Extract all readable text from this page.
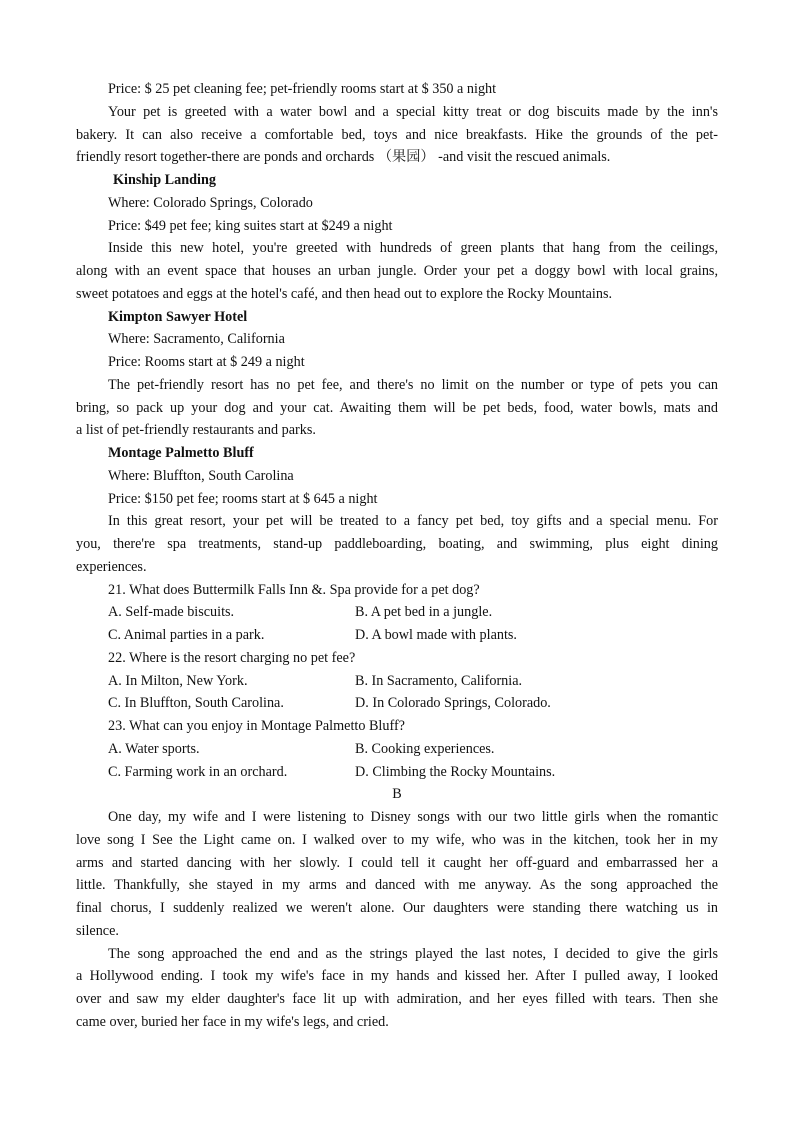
Price: $ 25 pet cleaning fee; pet-friendly rooms start at $ 350 a night
Your pet is greeted with a water bowl and a special kitty treat or dog biscuits made by the inn's
bakery. It can also receive a comfortable bed, toys and nice breakfasts. Hike the grounds of the pet-
friendly resort together-there are ponds and orchards （果园） -and visit the rescued animals.
Kinship Landing
Where: Colorado Springs, Colorado
Price: $49 pet fee; king suites start at $249 a night
Inside this new hotel, you're greeted with hundreds of green plants that hang from the ceilings,
along with an event space that houses an urban jungle. Order your pet a doggy bowl with local grains,
sweet potatoes and eggs at the hotel's café, and then head out to explore the Rocky Mountains.
Kimpton Sawyer Hotel
Where: Sacramento, California
Price: Rooms start at $ 249 a night
The pet-friendly resort has no pet fee, and there's no limit on the number or type of pets you can
bring, so pack up your dog and your cat. Awaiting them will be pet beds, food, water bowls, mats and
a list of pet-friendly restaurants and parks.
Montage Palmetto Bluff
Where: Bluffton, South Carolina
Price: $150 pet fee; rooms start at $ 645 a night
In this great resort, your pet will be treated to a fancy pet bed, toy gifts and a special menu. For
you, there're spa treatments, stand-up paddleboarding, boating, and swimming, plus eight dining
experiences.
21. What does Buttermilk Falls Inn &. Spa provide for a pet dog?
A. Self-made biscuits.	B. A pet bed in a jungle.
C. Animal parties in a park.	D. A bowl made with plants.
22. Where is the resort charging no pet fee?
A. In Milton, New York.	B. In Sacramento, California.
C. In Bluffton, South Carolina.	D. In Colorado Springs, Colorado.
23. What can you enjoy in Montage Palmetto Bluff?
A. Water sports.	B. Cooking experiences.
C. Farming work in an orchard.	D. Climbing the Rocky Mountains.
B
One day, my wife and I were listening to Disney songs with our two little girls when the romantic
love song I See the Light came on. I walked over to my wife, who was in the kitchen, took her in my
arms and started dancing with her slowly. I could tell it caught her off-guard and embarrassed her a
little. Thankfully, she stayed in my arms and danced with me anyway. As the song approached the
final chorus, I suddenly realized we weren't alone. Our daughters were standing there watching us in
silence.
The song approached the end and as the strings played the last notes, I decided to give the girls
a Hollywood ending. I took my wife's face in my hands and kissed her. After I pulled away, I looked
over and saw my elder daughter's face lit up with admiration, and her eyes filled with tears. Then she
came over, buried her face in my wife's legs, and cried.
